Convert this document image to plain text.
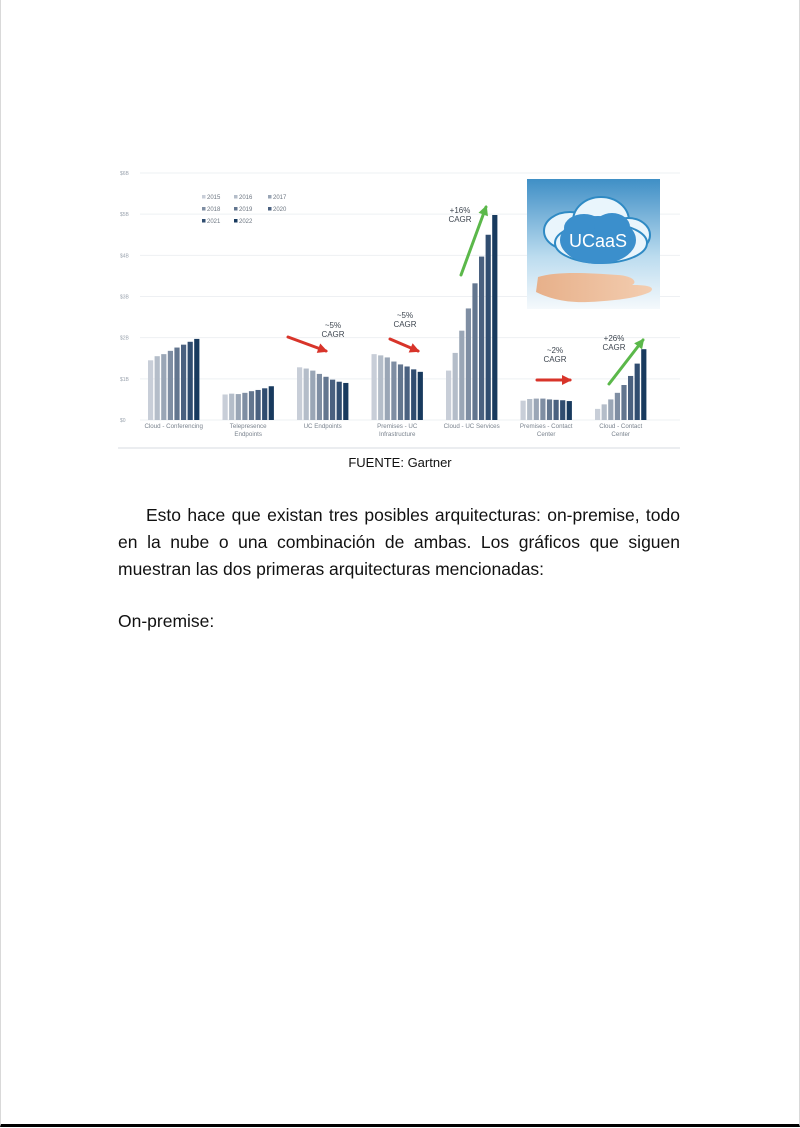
$0
$1B
$2B
$3B
$4B
$5B
$6B
Cloud - Conferencing	Telepresence
Endpoints
UC Endpoints	Premises - UC
Infrastructure
Cloud - UC Services	Premises - Contact
Center
Cloud - Contact
Center
2015	2016	2017
2018	2019	2020
2021	2022
UCaaS
~5%
CAGR
~5%
CAGR
+16%
CAGR
~2%
CAGR
+26%
CAGR
FUENTE: Gartner

Esto hace que existan tres posibles arquitecturas: on-premise, todo en la nube o una combinación de ambas. Los gráficos que siguen muestran las dos primeras arquitecturas mencionadas:

On-premise:
